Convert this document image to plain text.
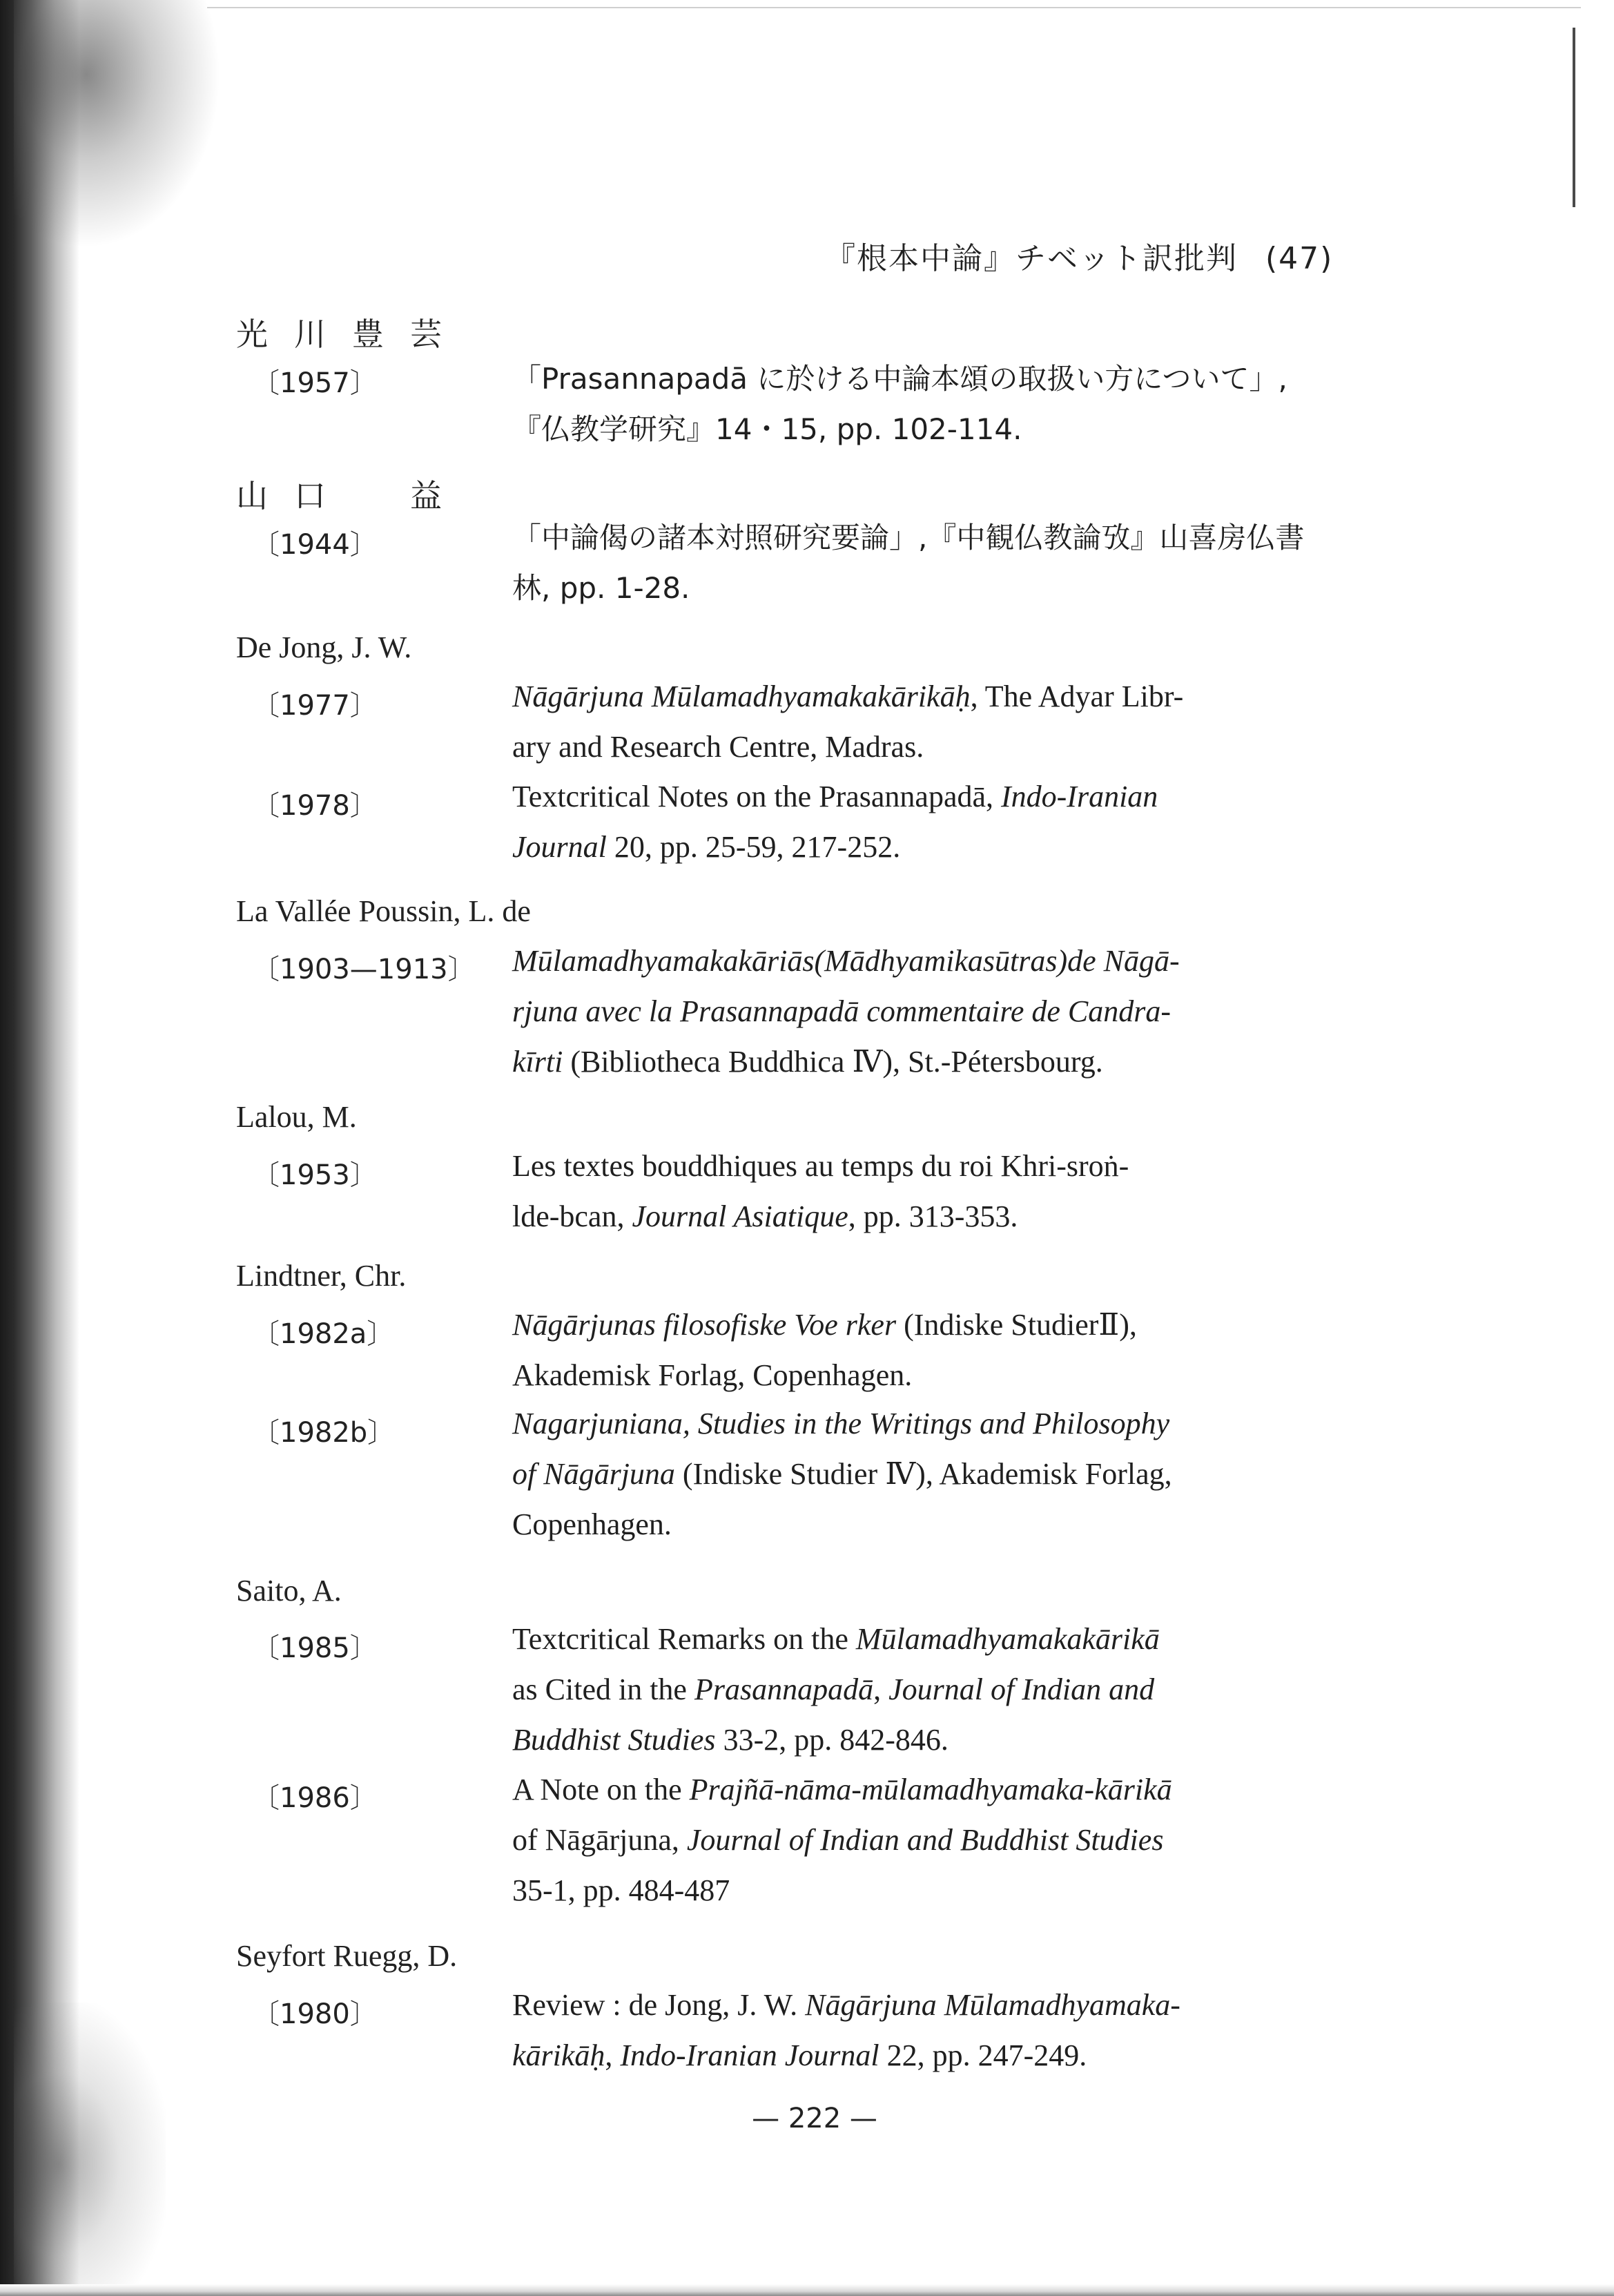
『根本中論』チベット訳批判 (47)
光川豊芸
〔1957〕	「Prasannapadā に於ける中論本頌の取扱い方について」,
『仏教学研究』14・15, pp. 102-114.
山口　益
〔1944〕	「中論偈の諸本対照研究要論」,『中観仏教論攷』山喜房仏書
林, pp. 1-28.
De Jong, J. W.
〔1977〕	Nāgārjuna Mūlamadhyamakakārikāḥ, The Adyar Libr-
ary and Research Centre, Madras.
〔1978〕	Textcritical Notes on the Prasannapadā, Indo-Iranian
Journal 20, pp. 25-59, 217-252.
La Vallée Poussin, L. de
〔1903—1913〕 Mūlamadhyamakakāriās(Mādhyamikasūtras)de Nāgā-
rjuna avec la Prasannapadā commentaire de Candra-
kīrti (Bibliotheca Buddhica Ⅳ), St.-Pétersbourg.
Lalou, M.
〔1953〕	Les textes bouddhiques au temps du roi Khri-sroṅ-
lde-bcan, Journal Asiatique, pp. 313-353.
Lindtner, Chr.
〔1982a〕	Nāgārjunas filosofiske Voe rker (Indiske StudierⅡ),
Akademisk Forlag, Copenhagen.
〔1982b〕	Nagarjuniana, Studies in the Writings and Philosophy
of Nāgārjuna (Indiske Studier Ⅳ), Akademisk Forlag,
Copenhagen.
Saito, A.
〔1985〕	Textcritical Remarks on the Mūlamadhyamakakārikā
as Cited in the Prasannapadā, Journal of Indian and
Buddhist Studies 33-2, pp. 842-846.
〔1986〕	A Note on the Prajñā-nāma-mūlamadhyamaka-kārikā
of Nāgārjuna, Journal of Indian and Buddhist Studies
35-1, pp. 484-487
Seyfort Ruegg, D.
〔1980〕	Review : de Jong, J. W. Nāgārjuna Mūlamadhyamaka-
kārikāḥ, Indo-Iranian Journal 22, pp. 247-249.
— 222 —
